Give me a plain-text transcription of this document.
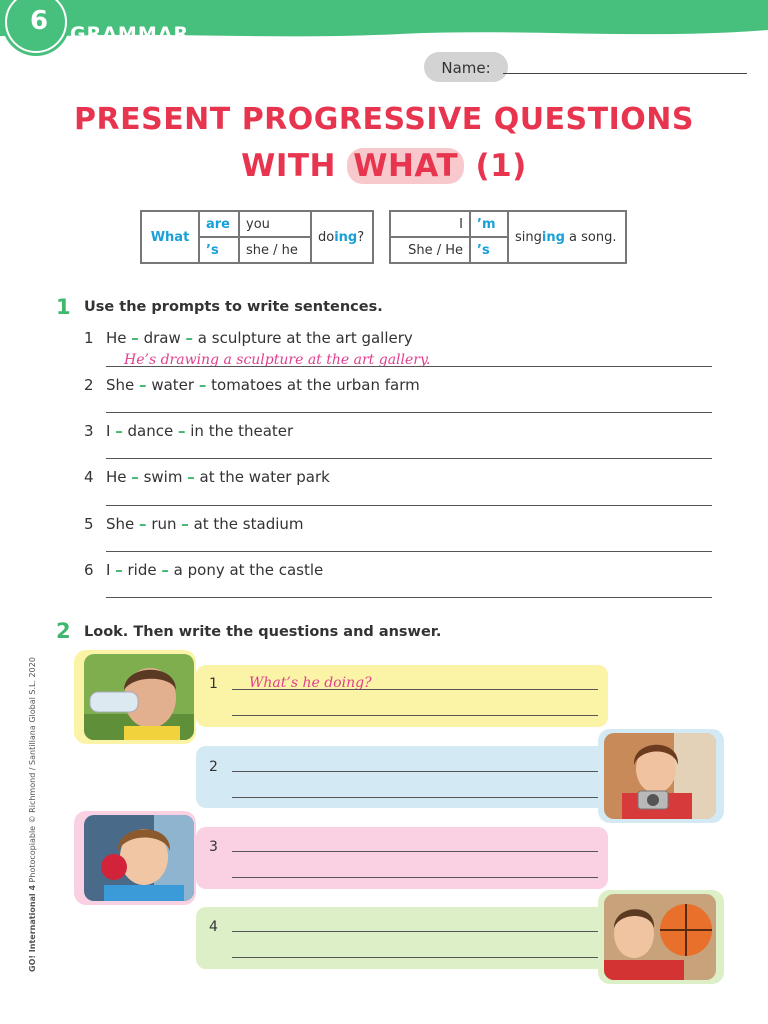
6 GRAMMAR
Name:
PRESENT PROGRESSIVE QUESTIONS
WITH WHAT (1)
What	are	you	doing?
	’s	she / he	
I	’m	singing a song.
She / He	’s	
1 Use the prompts to write sentences.
1 He – draw – a sculpture at the art gallery
He’s drawing a sculpture at the art gallery.
2 She – water – tomatoes at the urban farm
3 I – dance – in the theater
4 He – swim – at the water park
5 She – run – at the stadium
6 I – ride – a pony at the castle
2 Look. Then write the questions and answer.
1 What’s he doing?
2
3
4
GO! International 4 Photocopiable © Richmond / Santillana Global S.L. 2020
